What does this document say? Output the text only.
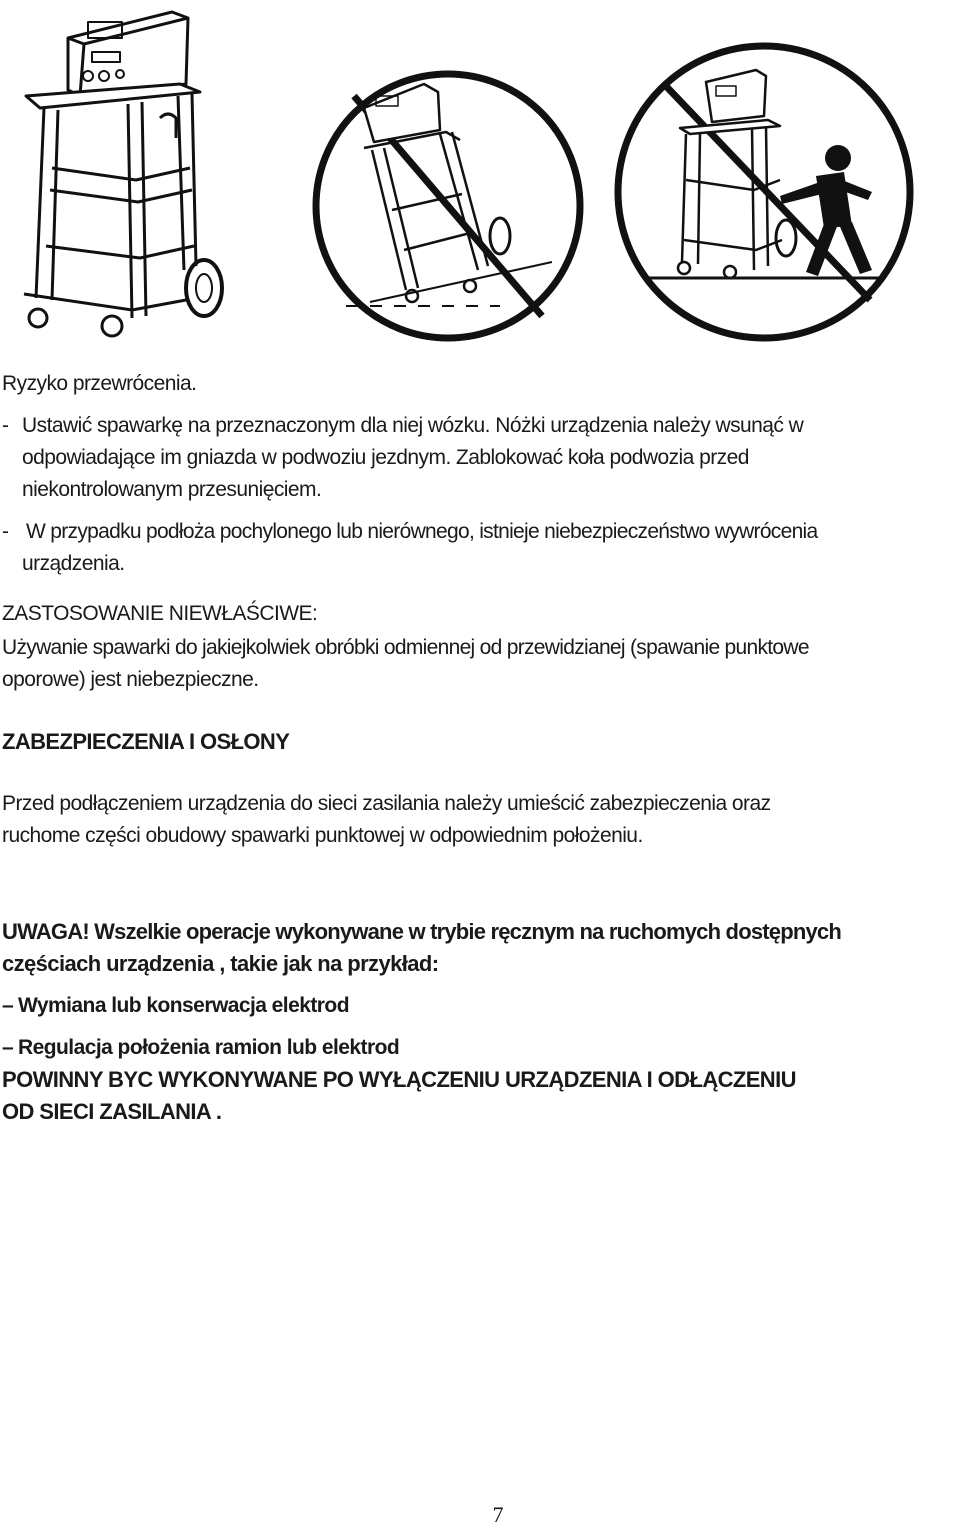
Ryzyko przewrócenia.

- Ustawić spawarkę na przeznaczonym dla niej wózku. Nóżki urządzenia należy wsunąć w

odpowiadające im gniazda w podwoziu jezdnym. Zablokować koła podwozia przed

niekontrolowanym przesunięciem.

- W przypadku podłoża pochylonego lub nierównego, istnieje niebezpieczeństwo wywrócenia

urządzenia.

ZASTOSOWANIE NIEWŁAŚCIWE:

Używanie spawarki do jakiejkolwiek obróbki odmiennej od przewidzianej (spawanie punktowe

oporowe) jest niebezpieczne.

ZABEZPIECZENIA I OSŁONY

Przed podłączeniem urządzenia do sieci zasilania należy umieścić zabezpieczenia oraz

ruchome części obudowy spawarki punktowej w odpowiednim położeniu.

UWAGA! Wszelkie operacje wykonywane w trybie ręcznym na ruchomych dostępnych

częściach urządzenia , takie jak na przykład:

– Wymiana lub konserwacja elektrod

– Regulacja położenia ramion lub elektrod

POWINNY BYC WYKONYWANE PO WYŁĄCZENIU URZĄDZENIA I ODŁĄCZENIU

OD SIECI ZASILANIA .

7
